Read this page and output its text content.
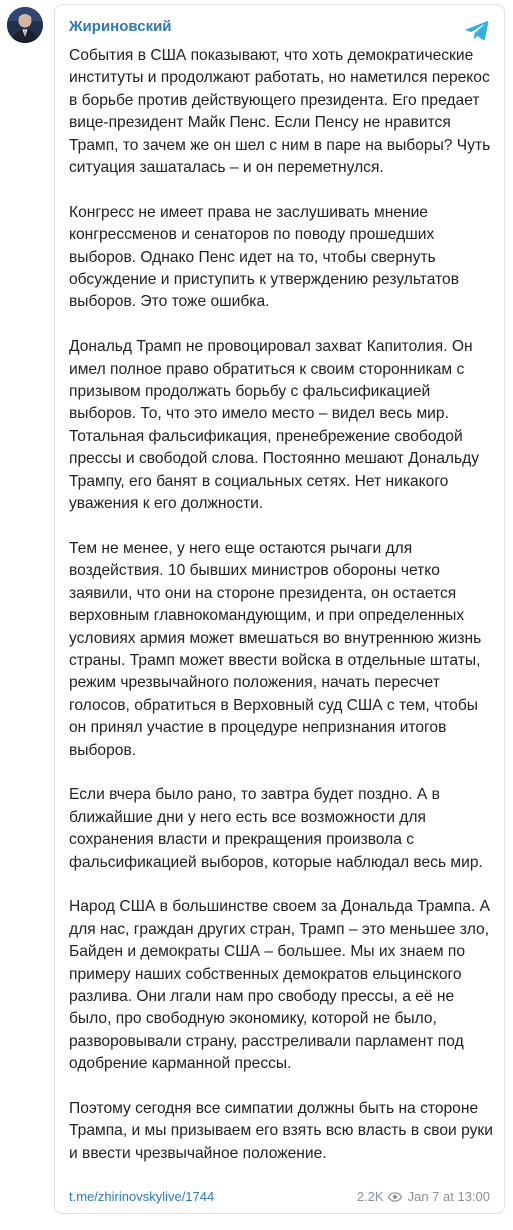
Жириновский

События в США показывают, что хоть демократические институты и продолжают работать, но наметился перекос в борьбе против действующего президента. Его предает вице-президент Майк Пенс. Если Пенсу не нравится Трамп, то зачем же он шел с ним в паре на выборы? Чуть ситуация зашаталась – и он переметнулся.

Конгресс не имеет права не заслушивать мнение конгрессменов и сенаторов по поводу прошедших выборов. Однако Пенс идет на то, чтобы свернуть обсуждение и приступить к утверждению результатов выборов. Это тоже ошибка.

Дональд Трамп не провоцировал захват Капитолия. Он имел полное право обратиться к своим сторонникам с призывом продолжать борьбу с фальсификацией выборов. То, что это имело место – видел весь мир. Тотальная фальсификация, пренебрежение свободой прессы и свободой слова. Постоянно мешают Дональду Трампу, его банят в социальных сетях. Нет никакого уважения к его должности.

Тем не менее, у него еще остаются рычаги для воздействия. 10 бывших министров обороны четко заявили, что они на стороне президента, он остается верховным главнокомандующим, и при определенных условиях армия может вмешаться во внутреннюю жизнь страны. Трамп может ввести войска в отдельные штаты, режим чрезвычайного положения, начать пересчет голосов, обратиться в Верховный суд США с тем, чтобы он принял участие в процедуре непризнания итогов выборов.

Если вчера было рано, то завтра будет поздно. А в ближайшие дни у него есть все возможности для сохранения власти и прекращения произвола с фальсификацией выборов, которые наблюдал весь мир.

Народ США в большинстве своем за Дональда Трампа. А для нас, граждан других стран, Трамп – это меньшее зло, Байден и демократы США – большее. Мы их знаем по примеру наших собственных демократов ельцинского разлива. Они лгали нам про свободу прессы, а её не было, про свободную экономику, которой не было, разворовывали страну, расстреливали парламент под одобрение карманной прессы.

Поэтому сегодня все симпатии должны быть на стороне Трампа, и мы призываем его взять всю власть в свои руки и ввести чрезвычайное положение.

t.me/zhirinovskylive/1744	2.2K Jan 7 at 13:00
